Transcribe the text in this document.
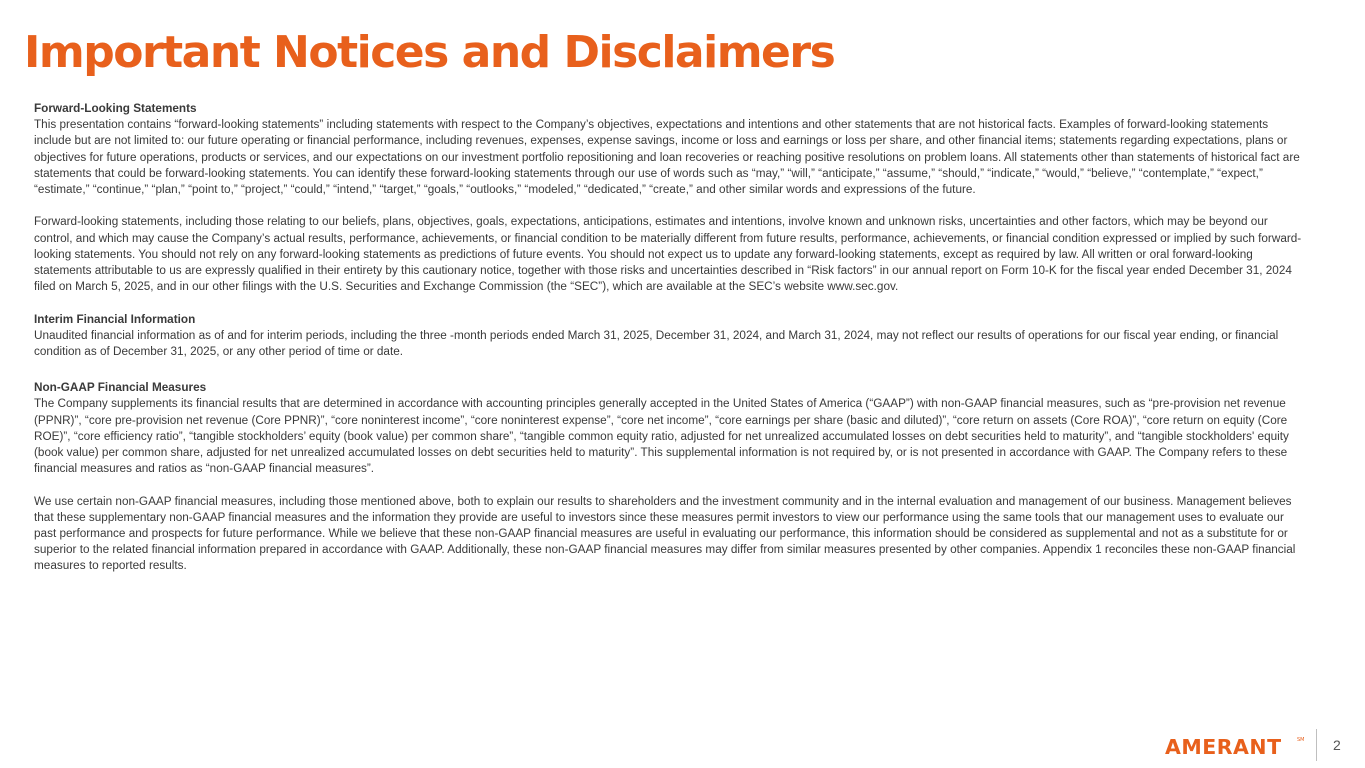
Important Notices and Disclaimers

Forward-Looking Statements

This presentation contains “forward-looking statements” including statements with respect to the Company’s objectives, expectations and intentions and other statements that are not historical facts. Examples of forward-looking statements include but are not limited to: our future operating or financial performance, including revenues, expenses, expense savings, income or loss and earnings or loss per share, and other financial items; statements regarding expectations, plans or objectives for future operations, products or services, and our expectations on our investment portfolio repositioning and loan recoveries or reaching positive resolutions on problem loans. All statements other than statements of historical fact are statements that could be forward-looking statements. You can identify these forward-looking statements through our use of words such as “may,” “will,” “anticipate,” “assume,” “should,” “indicate,” “would,” “believe,” “contemplate,” “expect,” “estimate,” “continue,” “plan,” “point to,” “project,” “could,” “intend,” “target,” “goals,” “outlooks,” “modeled,” “dedicated,” “create,” and other similar words and expressions of the future.

Forward-looking statements, including those relating to our beliefs, plans, objectives, goals, expectations, anticipations, estimates and intentions, involve known and unknown risks, uncertainties and other factors, which may be beyond our control, and which may cause the Company’s actual results, performance, achievements, or financial condition to be materially different from future results, performance, achievements, or financial condition expressed or implied by such forward-looking statements. You should not rely on any forward-looking statements as predictions of future events. You should not expect us to update any forward-looking statements, except as required by law. All written or oral forward-looking statements attributable to us are expressly qualified in their entirety by this cautionary notice, together with those risks and uncertainties described in “Risk factors” in our annual report on Form 10-K for the fiscal year ended December 31, 2024 filed on March 5, 2025, and in our other filings with the U.S. Securities and Exchange Commission (the “SEC”), which are available at the SEC’s website www.sec.gov.

Interim Financial Information

Unaudited financial information as of and for interim periods, including the three -month periods ended March 31, 2025, December 31, 2024, and March 31, 2024, may not reflect our results of operations for our fiscal year ending, or financial condition as of December 31, 2025, or any other period of time or date.

Non-GAAP Financial Measures

The Company supplements its financial results that are determined in accordance with accounting principles generally accepted in the United States of America (“GAAP”) with non-GAAP financial measures, such as “pre-provision net revenue (PPNR)”, “core pre-provision net revenue (Core PPNR)”, “core noninterest income”, “core noninterest expense”, “core net income”, “core earnings per share (basic and diluted)”, “core return on assets (Core ROA)”, “core return on equity (Core ROE)”, “core efficiency ratio”, “tangible stockholders’ equity (book value) per common share”, “tangible common equity ratio, adjusted for net unrealized accumulated losses on debt securities held to maturity”, and “tangible stockholders' equity (book value) per common share, adjusted for net unrealized accumulated losses on debt securities held to maturity”. This supplemental information is not required by, or is not presented in accordance with GAAP. The Company refers to these financial measures and ratios as “non-GAAP financial measures”.

We use certain non-GAAP financial measures, including those mentioned above, both to explain our results to shareholders and the investment community and in the internal evaluation and management of our business. Management believes that these supplementary non-GAAP financial measures and the information they provide are useful to investors since these measures permit investors to view our performance using the same tools that our management uses to evaluate our past performance and prospects for future performance. While we believe that these non-GAAP financial measures are useful in evaluating our performance, this information should be considered as supplemental and not as a substitute for or superior to the related financial information prepared in accordance with GAAP. Additionally, these non-GAAP financial measures may differ from similar measures presented by other companies. Appendix 1 reconciles these non-GAAP financial measures to reported results.

AMERANT	SM 2
